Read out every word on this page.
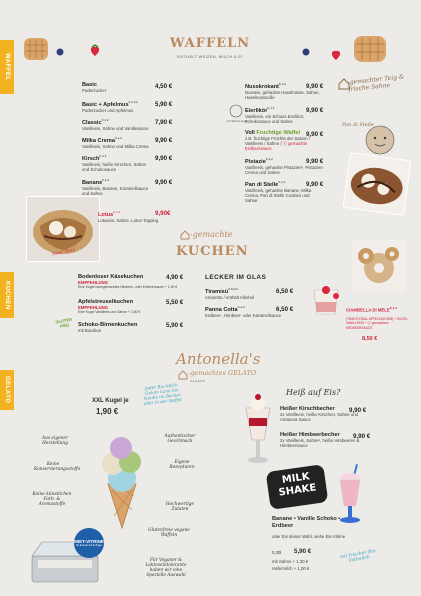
WAFFEL
KUCHEN
GELATO
WAFFELN
ENTHÄLT WEIZEN, MILCH & EI
Basic
Puderzucker
4,50 €
Basic + Apfelmus$^{K,1,3,2}$
Puderzucker und Apfelmus
5,90 €
Classic$^{K,1,2}$
Vanilleeis, Sahne und Vanillesauce
7,90 €
Milka Crema$^{K,1,2}$
Vanilleeis, Sahne und Milka Crema
9,90 €
Kirsch$^{K,1,2}$
Vanilleeis, heiße Kirschen, Sahne und Schokosauce
9,90 €
Banane$^{K,1,2}$
Vanilleeis, Banane, Karamellsauce und Sahne
9,90 €
Neu! Neu!
Lotus$^{K,1,2}$
Lotuseis, Sahne, Lotus-Topping
9,90€
Nusskrokant$^{K,1,2}$
Nusseis, gehackte Haselnüsse, Sahne, Haselnusssoße
9,90 €
mit Sahne-Herz
Eierlikör$^{K,1,2}$
Vanilleeis, ein Schuss Eierlikör, Schokosauce und Sahne
9,90 €
Voll Fruchtige Waffel
z.B. fruchtige Früchte der Saison /
Vanilleeis / Sahne / ⓔ gemachte Erdbeersauce
9,90 €
Pistazie$^{K,1,2}$
Vanilleeis, gehackte Pistazien², Pistazien Crema und Sahne
9,90 €
Pan di Stelle$^{K,1,2}$
Vanilleeis, gehackte Banane, Milka Crema, Pan di Stelle Cookies und Sahne
9,90 €
-gemachter Teig & frische Sahne
Pan di Stelle
-gemachte
KUCHEN
Bodenloser Käsekuchen
EMPFEHLUNG
Eine Kugel hausgemachtes Himbeer- oder Erdbeersauce + 1,00 €
4,90 €
Apfelstreuselkuchen
EMPFEHLUNG
Eine Kugel Vanilleeis und Sahne + 2,60 €
5,50 €
GLUTEN FREI	Schoko-Birnenkuchen
mit Bourbon
5,90 €
LECKER IM GLAS
Tiramisù$^{K,6,P,A}$
Amaretto / enthält Alkohol
6,50 €
Panna Cotta$^{K,1,2}$
Erdbeer-, Himbeer- oder Karamellsauce
6,50 €	CIAMBELLA DI $MELE^{K,1,2}$
(TRADITIONAL APFELKUCHEN) + KUGEL VANILLEEIS + ⓔ gemachtem ERDBEERSAUCE
8,50 €
Antonella's
-gemachtes GELATO
K,1,2,3,6,8
XXL Kugel je
1,90 €
Jeder Bio-Milch Gelato kann bei Vanille im Becher oder in der Waffel
Aus eigener Herstellung
Keine Konservierungsstoffe
Keine künstlichen Farb- & Aromastoffe
Authentischer Geschmack
Eigene Rezepturen
Hochwertige Zutaten
Glutenfreie vegane Waffeln
Für Veganer & Laktoseintolerante haben wir eine Spezielle Auswahl
MIET-VITRINE
für Events auf Anfrage
Heiß auf Eis?
Heißer Kirschbecher
2x Vanilleeis, heiße Kirschen, Sahne und Amarena Sauce
9,90 €
Heißer Himbeerbecher
2x Vanilleeis, Sahne², heiße Himbeeren & Himbeersauce
9,90 €
MILK
SHAKE
Banane • Vanille Schoko • Erdbeer
oder Eis deiner Wahl, siehe Eis-Vitrine
0,30l 5,90 €
mit Sahne + 1,30 €
Hafermilch + 1,00 €
mit frischer Bio-Vollmilch
